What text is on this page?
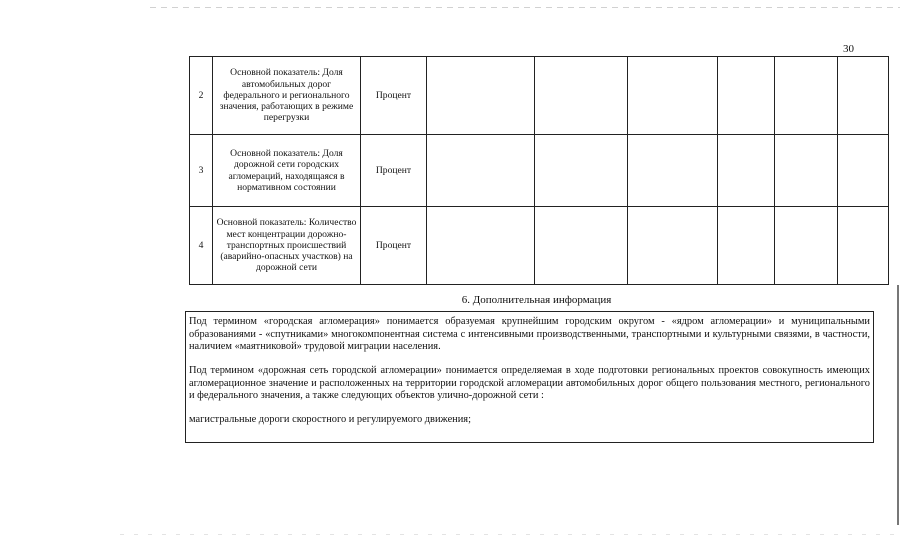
30
2	Основной показатель: Доля автомобильных дорог федерального и регионального значения, работающих в режиме перегрузки	Процент						
3	Основной показатель: Доля дорожной сети городских агломераций, находящаяся в нормативном состоянии	Процент						
4	Основной показатель: Количество мест концентрации дорожно-транспортных происшествий (аварийно-опасных участков) на дорожной сети	Процент						
6. Дополнительная информация

Под термином «городская агломерация» понимается образуемая крупнейшим городским округом - «ядром агломерации» и муниципальными образованиями - «спутниками» многокомпонентная система с интенсивными производственными, транспортными и культурными связями, в частности, наличием «маятниковой» трудовой миграции населения.

Под термином «дорожная сеть городской агломерации» понимается определяемая в ходе подготовки региональных проектов совокупность имеющих агломерационное значение и расположенных на территории городской агломерации автомобильных дорог общего пользования местного, регионального и федерального значения, а также следующих объектов улично-дорожной сети :

магистральные дороги скоростного и регулируемого движения;
